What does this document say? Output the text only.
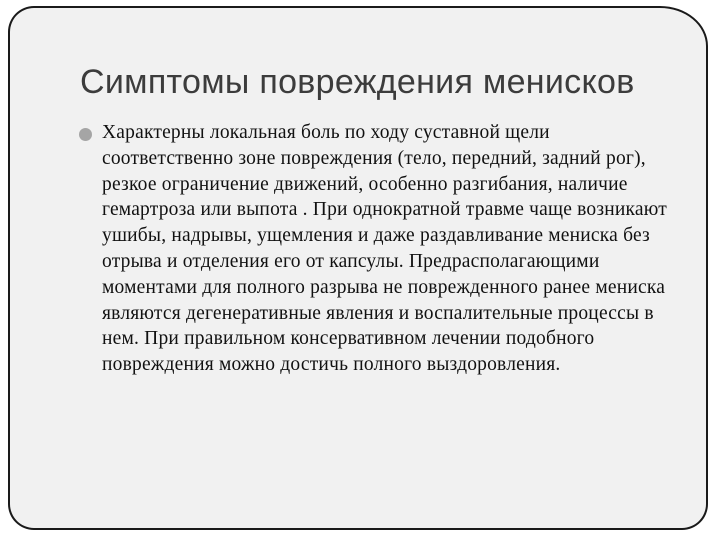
Симптомы повреждения менисков

Характерны локальная боль по ходу суставной щели соответственно зоне повреждения (тело, передний, задний рог), резкое ограничение движений, особенно разгибания, наличие гемартроза или выпота . При однократной травме чаще возникают ушибы, надрывы, ущемления и даже раздавливание мениска без отрыва и отделения его от капсулы. Предрасполагающими моментами для полного разрыва не поврежденного ранее мениска являются дегенеративные явления и воспалительные процессы в нем. При правильном консервативном лечении подобного повреждения можно достичь полного выздоровления.
